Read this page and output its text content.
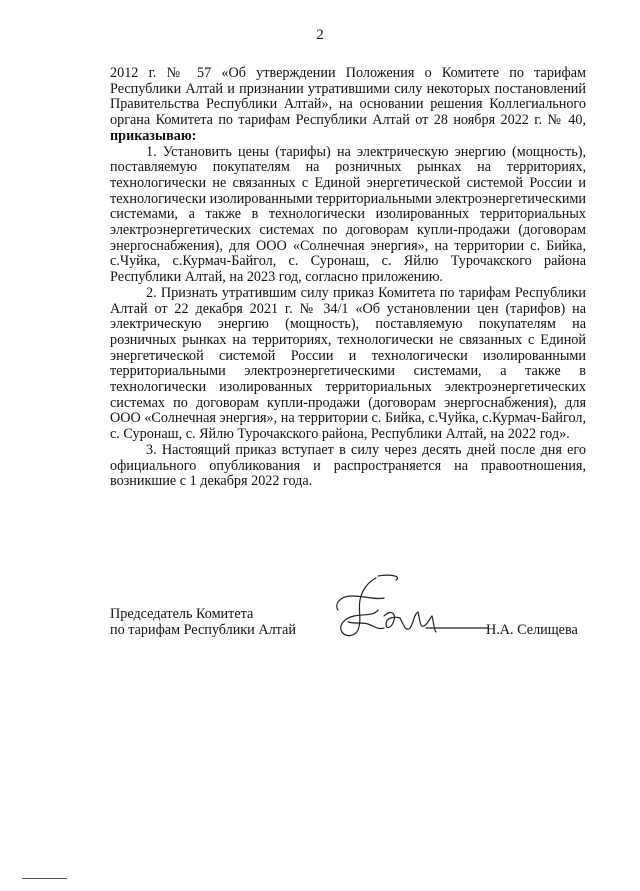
2

2012 г. № 57 «Об утверждении Положения о Комитете по тарифам Республики Алтай и признании утратившими силу некоторых постановлений Правительства Республики Алтай», на основании решения Коллегиального органа Комитета по тарифам Республики Алтай от 28 ноября 2022 г. № 40, приказываю:

1. Установить цены (тарифы) на электрическую энергию (мощность), поставляемую покупателям на розничных рынках на территориях, технологически не связанных с Единой энергетической системой России и технологически изолированными территориальными электроэнергетическими системами, а также в технологически изолированных территориальных электроэнергетических системах по договорам купли-продажи (договорам энергоснабжения), для ООО «Солнечная энергия», на территории с. Бийка, с.Чуйка, с.Курмач-Байгол, с. Суронаш, с. Яйлю Турочакского района Республики Алтай, на 2023 год, согласно приложению.

2. Признать утратившим силу приказ Комитета по тарифам Республики Алтай от 22 декабря 2021 г. № 34/1 «Об установлении цен (тарифов) на электрическую энергию (мощность), поставляемую покупателям на розничных рынках на территориях, технологически не связанных с Единой энергетической системой России и технологически изолированными территориальными электроэнергетическими системами, а также в технологически изолированных территориальных электроэнергетических системах по договорам купли-продажи (договорам энергоснабжения), для ООО «Солнечная энергия», на территории с. Бийка, с.Чуйка, с.Курмач-Байгол, с. Суронаш, с. Яйлю Турочакского района, Республики Алтай, на 2022 год».

3. Настоящий приказ вступает в силу через десять дней после дня его официального опубликования и распространяется на правоотношения, возникшие с 1 декабря 2022 года.

Председатель Комитета
по тарифам Республики Алтай	Н.А. Селищева
